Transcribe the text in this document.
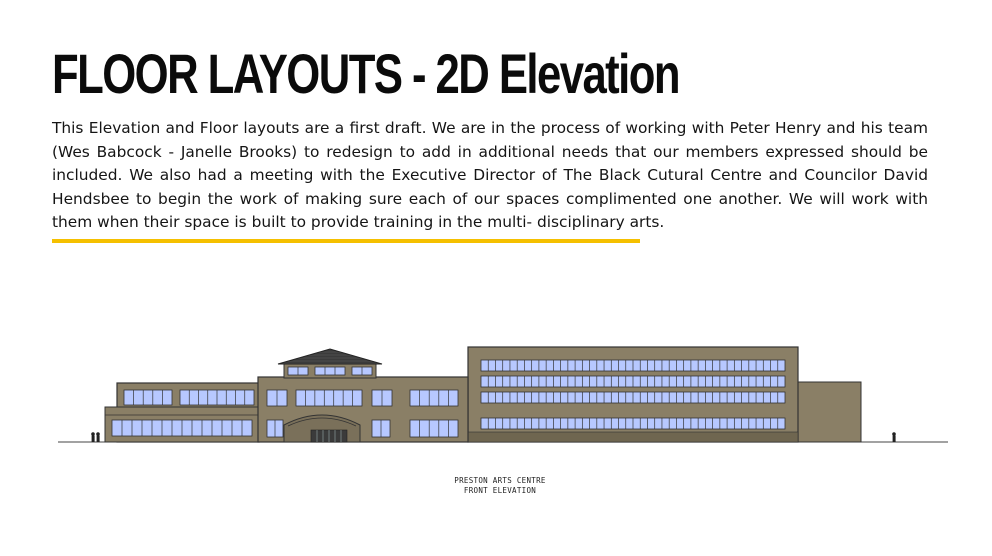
FLOOR LAYOUTS - 2D Elevation

This Elevation and Floor layouts are a first draft. We are in the process of working with Peter Henry and his team (Wes Babcock - Janelle Brooks) to redesign to add in additional needs that our members expressed should be included. We also had a meeting with the Executive Director of The Black Cutural Centre and Councilor David Hendsbee to begin the work of making sure each of our spaces complimented one another. We will work with them when their space is built to provide training in the multi- disciplinary arts.

PRESTON ARTS CENTRE
FRONT ELEVATION
